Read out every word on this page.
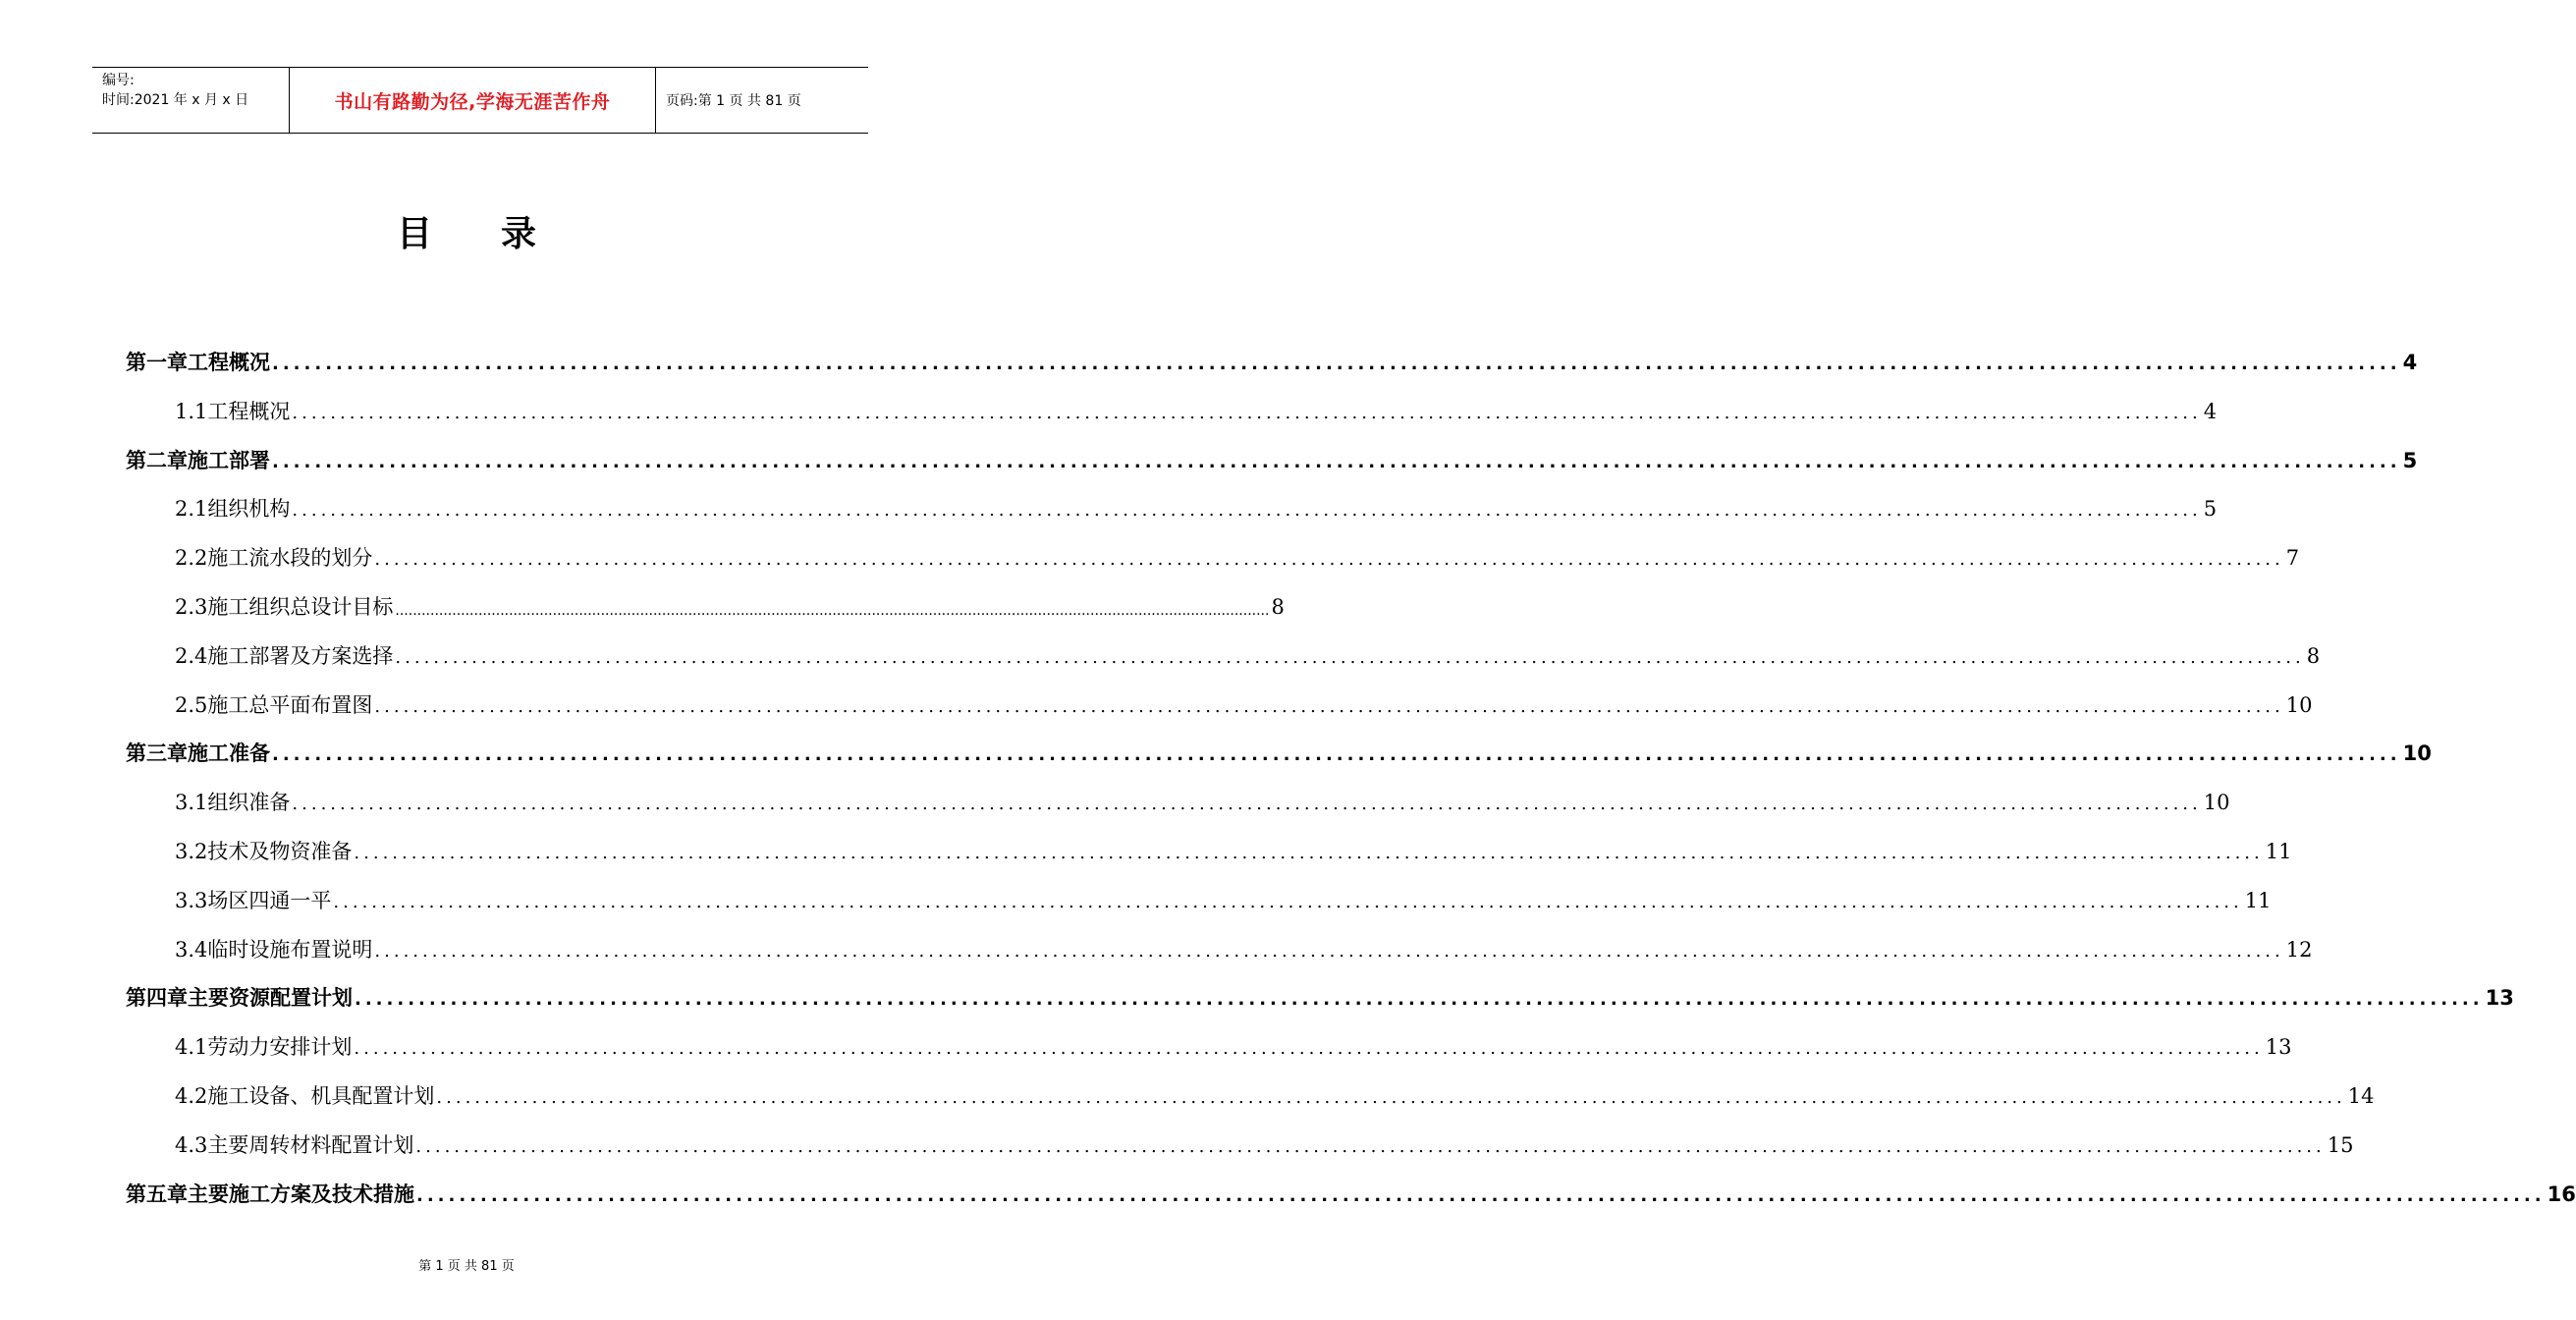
编号:
时间:2021 年 x 月 x 日	书山有路勤为径,学海无涯苦作舟	页码:第 1 页 共 81 页
目 录
第一章 工程概况 ........................................................................................................................................................................................................ 4
1.1 工程概况 ........................................................................................................................................................................................................ 4
第二章 施工部署 ........................................................................................................................................................................................................ 5
2.1 组织机构 ........................................................................................................................................................................................................ 5
2.2 施工流水段的划分 ........................................................................................................................................................................................................ 7
2.3 施工组织总设计目标 ........................................................................................................................................................................................................ 8
2.4 施工部署及方案选择 ........................................................................................................................................................................................................ 8
2.5 施工总平面布置图 ........................................................................................................................................................................................................ 10
第三章 施工准备 ........................................................................................................................................................................................................ 10
3.1 组织准备 ........................................................................................................................................................................................................ 10
3.2 技术及物资准备 ........................................................................................................................................................................................................ 11
3.3 场区四通一平 ........................................................................................................................................................................................................ 11
3.4 临时设施布置说明 ........................................................................................................................................................................................................ 12
第四章 主要资源配置计划 ........................................................................................................................................................................................................ 13
4.1 劳动力安排计划 ........................................................................................................................................................................................................ 13
4.2 施工设备、机具配置计划 ........................................................................................................................................................................................................ 14
4.3 主要周转材料配置计划 ........................................................................................................................................................................................................ 15
第五章 主要施工方案及技术措施 ........................................................................................................................................................................................................ 16
第 1 页 共 81 页
